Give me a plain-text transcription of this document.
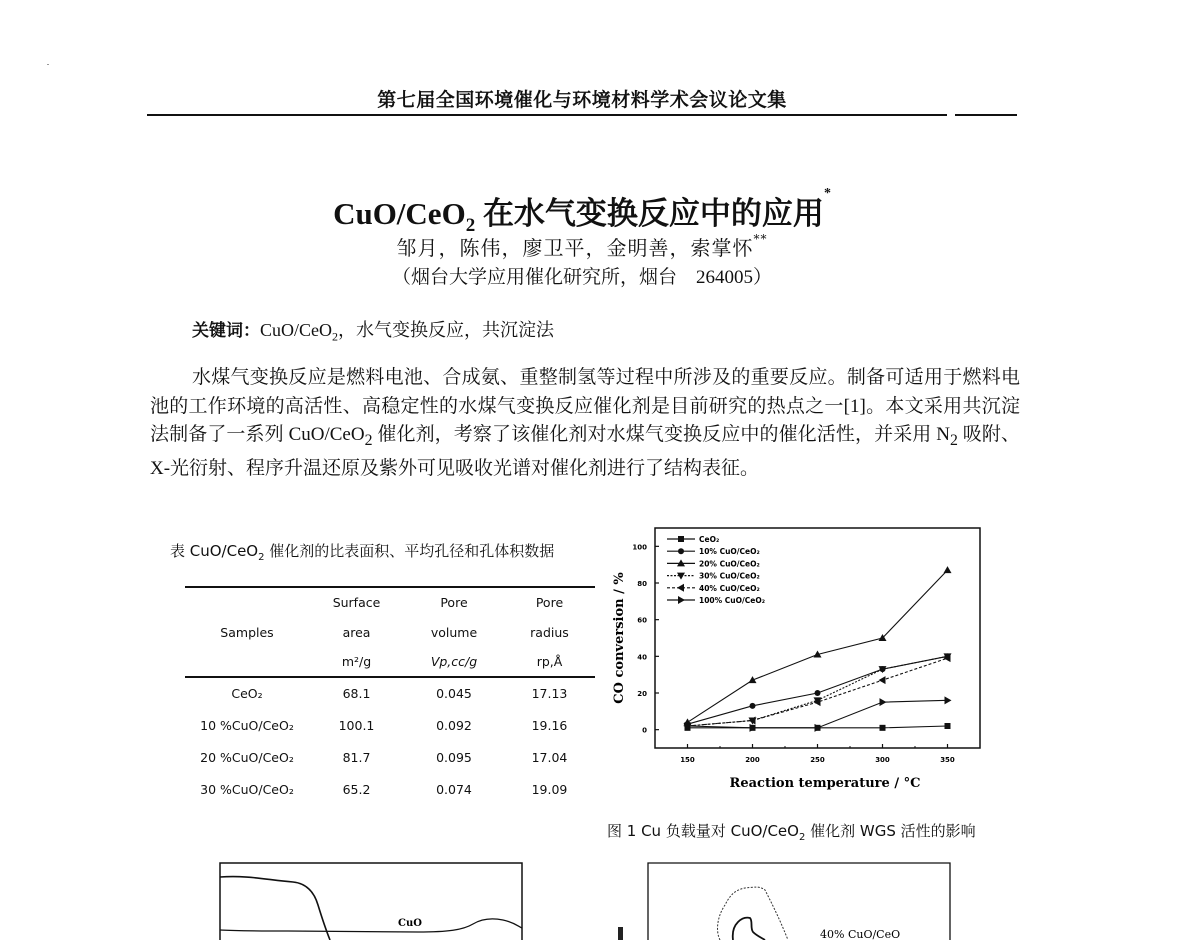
第七届全国环境催化与环境材料学术会议论文集
CuO/CeO$_2$ 在水气变换反应中的应用*
邹月，陈伟，廖卫平，金明善，索掌怀**
（烟台大学应用催化研究所，烟台　264005）
关键词：CuO/CeO$_2$，水气变换反应，共沉淀法

水煤气变换反应是燃料电池、合成氨、重整制氢等过程中所涉及的重要反应。制备可适用于燃料电池的工作环境的高活性、高稳定性的水煤气变换反应催化剂是目前研究的热点之一[1]。本文采用共沉淀法制备了一系列 CuO/CeO$_2$ 催化剂，考察了该催化剂对水煤气变换反应中的催化活性，并采用 $N_2$ 吸附、X-光衍射、程序升温还原及紫外可见吸收光谱对催化剂进行了结构表征。

表 CuO/CeO$_2$ 催化剂的比表面积、平均孔径和孔体积数据
	Surface	Pore	Pore
Samples	area	volume	radius
	m²/g	Vp,cc/g	rp,Å
CeO₂	68.1	0.045	17.13
10 %CuO/CeO₂	100.1	0.092	19.16
20 %CuO/CeO₂	81.7	0.095	17.04
30 %CuO/CeO₂	65.2	0.074	19.09
0
20
40
60
80
100
150	200	250	300	350
CeO₂
10% CuO/CeO₂
20% CuO/CeO₂
30% CuO/CeO₂
40% CuO/CeO₂
100% CuO/CeO₂
CO conversion / %
Reaction temperature / °C
图 1 Cu 负载量对 CuO/CeO$_2$ 催化剂 WGS 活性的影响
CuO
40% CuO/CeO
